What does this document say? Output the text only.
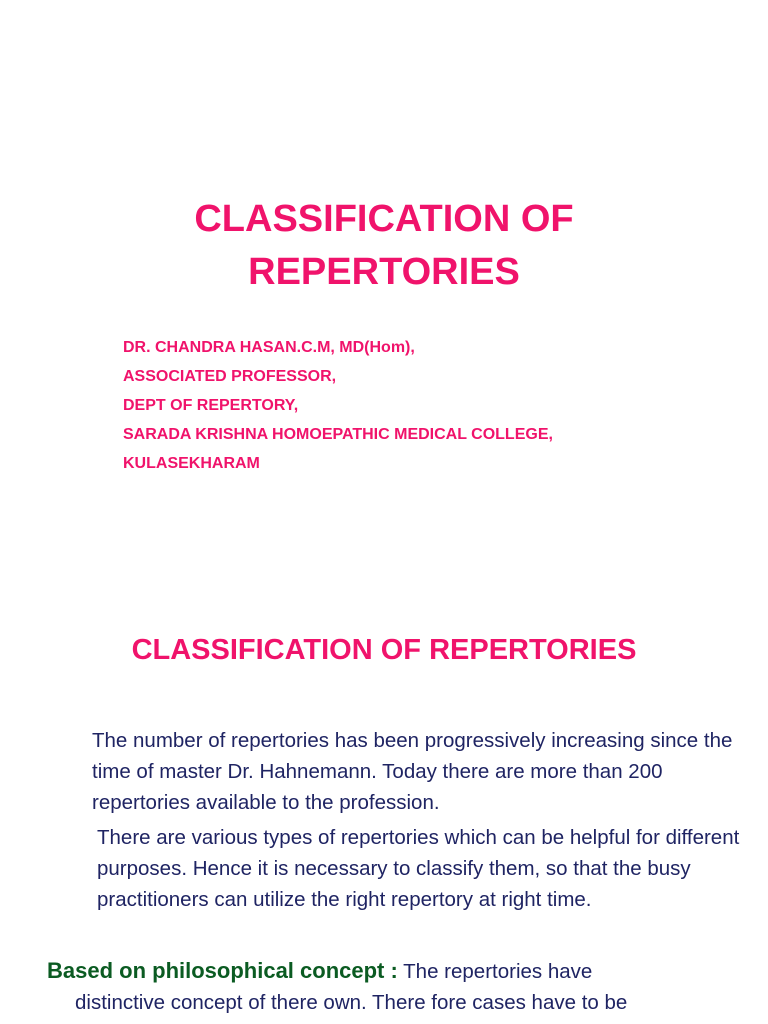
CLASSIFICATION OF
REPERTORIES
DR. CHANDRA HASAN.C.M, MD(Hom),
ASSOCIATED PROFESSOR,
DEPT OF REPERTORY,
SARADA KRISHNA HOMOEPATHIC MEDICAL COLLEGE,
KULASEKHARAM
CLASSIFICATION OF REPERTORIES

The number of repertories has been progressively increasing since the time of master Dr. Hahnemann. Today there are more than 200 repertories available to the profession.

There are various types of repertories which can be helpful for different purposes. Hence it is necessary to classify them, so that the busy practitioners can utilize the right repertory at right time.

Based on philosophical concept : The repertories have
distinctive concept of there own. There fore cases have to be
